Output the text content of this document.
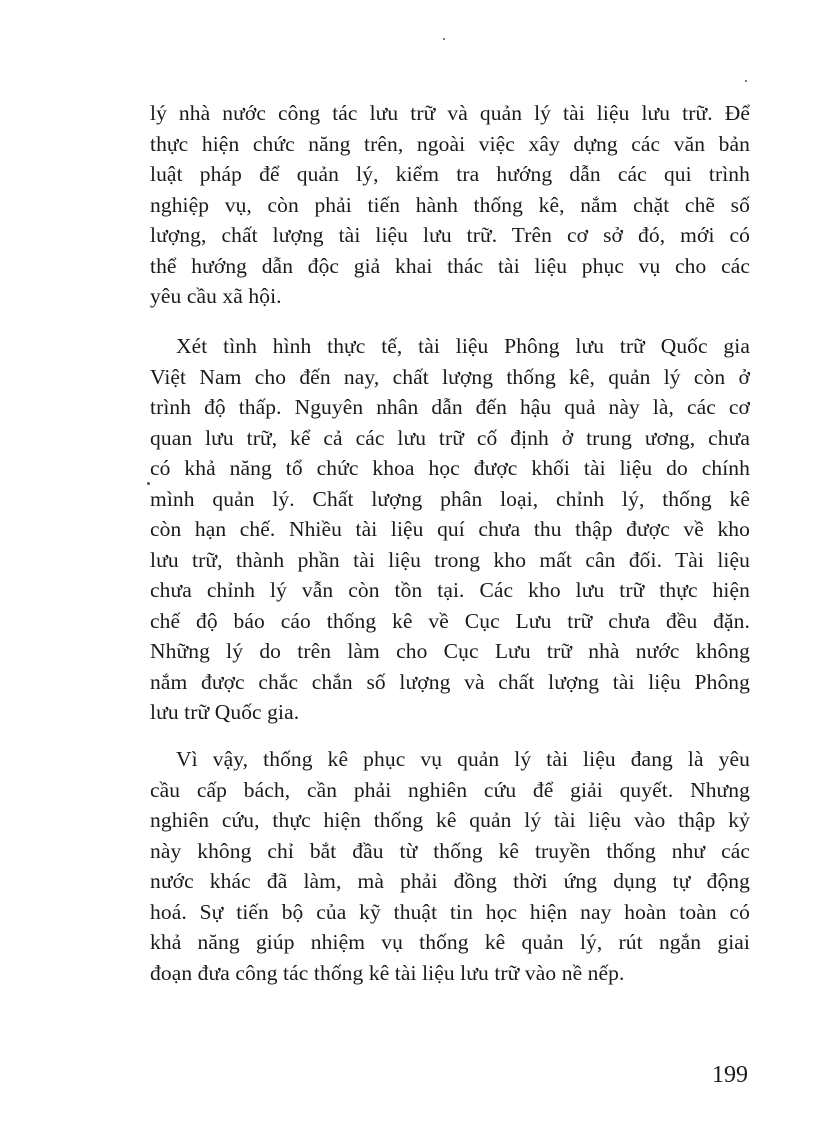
lý nhà nước công tác lưu trữ và quản lý tài liệu lưu trữ. Để
thực hiện chức năng trên, ngoài việc xây dựng các văn bản
luật pháp để quản lý, kiểm tra hướng dẫn các qui trình
nghiệp vụ, còn phải tiến hành thống kê, nắm chặt chẽ số
lượng, chất lượng tài liệu lưu trữ. Trên cơ sở đó, mới có
thể hướng dẫn độc giả khai thác tài liệu phục vụ cho các
yêu cầu xã hội.
Xét tình hình thực tế, tài liệu Phông lưu trữ Quốc gia
Việt Nam cho đến nay, chất lượng thống kê, quản lý còn ở
trình độ thấp. Nguyên nhân dẫn đến hậu quả này là, các cơ
quan lưu trữ, kể cả các lưu trữ cố định ở trung ương, chưa
có khả năng tổ chức khoa học được khối tài liệu do chính
mình quản lý. Chất lượng phân loại, chỉnh lý, thống kê
còn hạn chế. Nhiều tài liệu quí chưa thu thập được về kho
lưu trữ, thành phần tài liệu trong kho mất cân đối. Tài liệu
chưa chỉnh lý vẫn còn tồn tại. Các kho lưu trữ thực hiện
chế độ báo cáo thống kê về Cục Lưu trữ chưa đều đặn.
Những lý do trên làm cho Cục Lưu trữ nhà nước không
nắm được chắc chắn số lượng và chất lượng tài liệu Phông
lưu trữ Quốc gia.
Vì vậy, thống kê phục vụ quản lý tài liệu đang là yêu
cầu cấp bách, cần phải nghiên cứu để giải quyết. Nhưng
nghiên cứu, thực hiện thống kê quản lý tài liệu vào thập kỷ
này không chỉ bắt đầu từ thống kê truyền thống như các
nước khác đã làm, mà phải đồng thời ứng dụng tự động
hoá. Sự tiến bộ của kỹ thuật tin học hiện nay hoàn toàn có
khả năng giúp nhiệm vụ thống kê quản lý, rút ngắn giai
đoạn đưa công tác thống kê tài liệu lưu trữ vào nề nếp.
199
